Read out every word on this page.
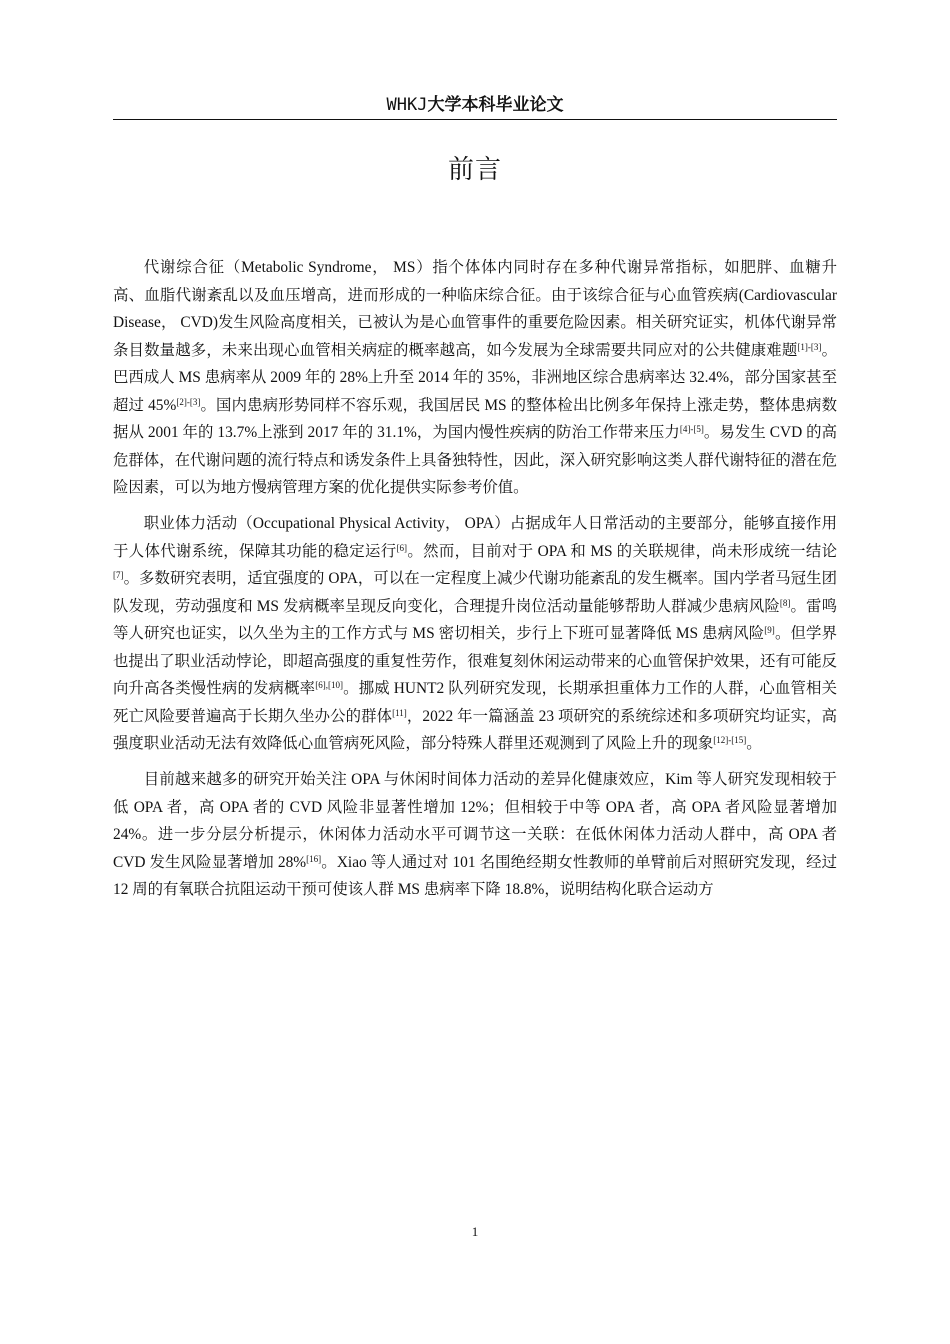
WHKJ大学本科毕业论文
前言

代谢综合征（Metabolic Syndrome， MS）指个体体内同时存在多种代谢异常指标，如肥胖、血糖升高、血脂代谢紊乱以及血压增高，进而形成的一种临床综合征。由于该综合征与心血管疾病(Cardiovascular Disease， CVD)发生风险高度相关，已被认为是心血管事件的重要危险因素。相关研究证实，机体代谢异常条目数量越多，未来出现心血管相关病症的概率越高，如今发展为全球需要共同应对的公共健康难题[1]-[3]。巴西成人 MS 患病率从 2009 年的 28%上升至 2014 年的 35%，非洲地区综合患病率达 32.4%，部分国家甚至超过 45%[2]-[3]。国内患病形势同样不容乐观，我国居民 MS 的整体检出比例多年保持上涨走势，整体患病数据从 2001 年的 13.7%上涨到 2017 年的 31.1%，为国内慢性疾病的防治工作带来压力[4]-[5]。易发生 CVD 的高危群体，在代谢问题的流行特点和诱发条件上具备独特性，因此，深入研究影响这类人群代谢特征的潜在危险因素，可以为地方慢病管理方案的优化提供实际参考价值。

职业体力活动（Occupational Physical Activity， OPA）占据成年人日常活动的主要部分，能够直接作用于人体代谢系统，保障其功能的稳定运行[6]。然而，目前对于 OPA 和 MS 的关联规律，尚未形成统一结论[7]。多数研究表明，适宜强度的 OPA，可以在一定程度上减少代谢功能紊乱的发生概率。国内学者马冠生团队发现，劳动强度和 MS 发病概率呈现反向变化，合理提升岗位活动量能够帮助人群减少患病风险[8]。雷鸣等人研究也证实，以久坐为主的工作方式与 MS 密切相关，步行上下班可显著降低 MS 患病风险[9]。但学界也提出了职业活动悖论，即超高强度的重复性劳作，很难复刻休闲运动带来的心血管保护效果，还有可能反向升高各类慢性病的发病概率[6],[10]。挪威 HUNT2 队列研究发现，长期承担重体力工作的人群，心血管相关死亡风险要普遍高于长期久坐办公的群体[11]，2022 年一篇涵盖 23 项研究的系统综述和多项研究均证实，高强度职业活动无法有效降低心血管病死风险，部分特殊人群里还观测到了风险上升的现象[12]-[15]。

目前越来越多的研究开始关注 OPA 与休闲时间体力活动的差异化健康效应，Kim 等人研究发现相较于低 OPA 者，高 OPA 者的 CVD 风险非显著性增加 12%；但相较于中等 OPA 者，高 OPA 者风险显著增加 24%。进一步分层分析提示，休闲体力活动水平可调节这一关联：在低休闲体力活动人群中，高 OPA 者 CVD 发生风险显著增加 28%[16]。Xiao 等人通过对 101 名围绝经期女性教师的单臂前后对照研究发现，经过 12 周的有氧联合抗阻运动干预可使该人群 MS 患病率下降 18.8%，说明结构化联合运动方

1
